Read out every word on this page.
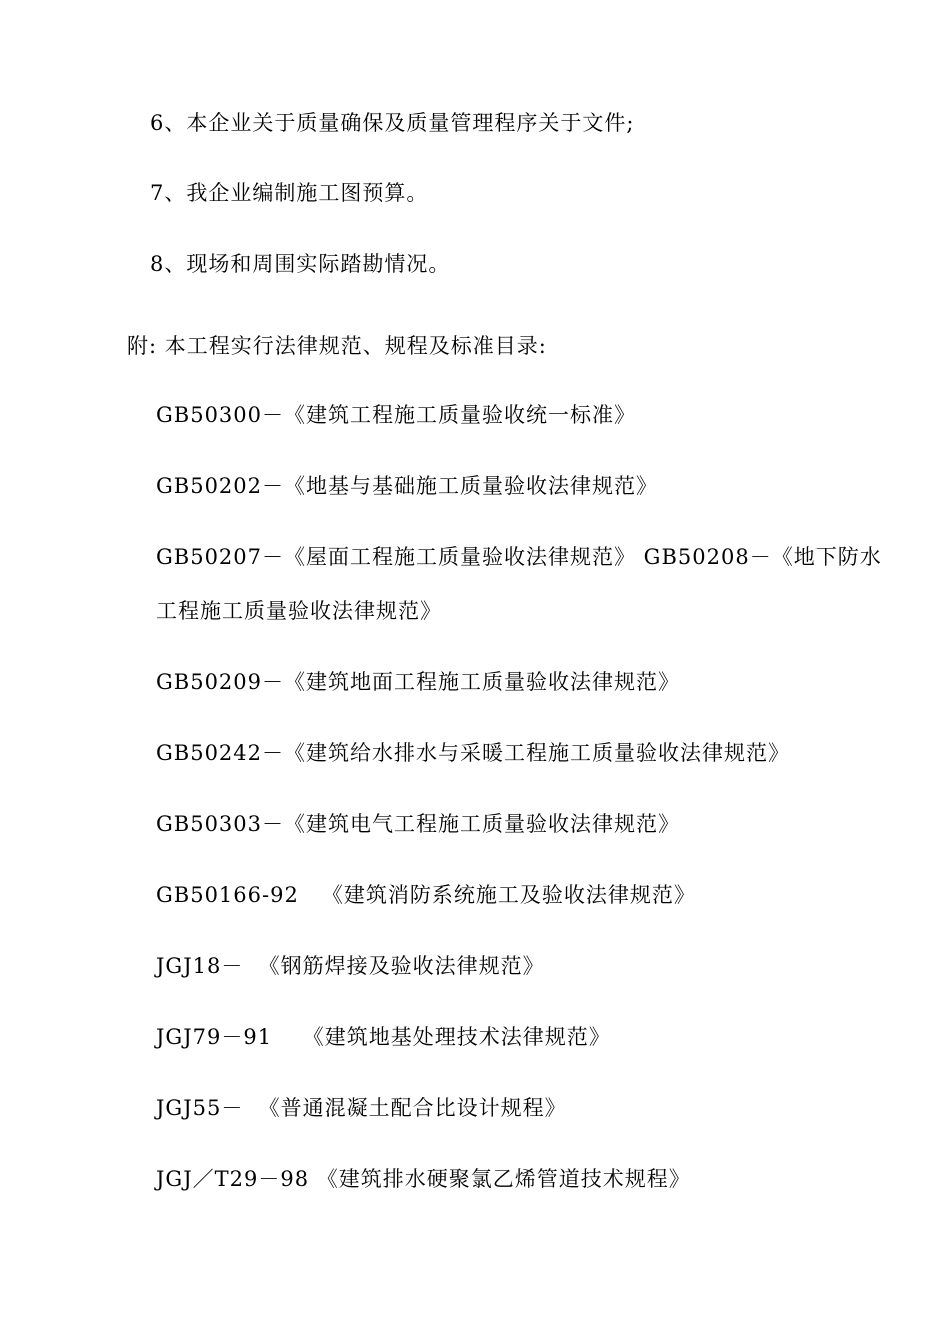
6、本企业关于质量确保及质量管理程序关于文件;
7、我企业编制施工图预算。
8、现场和周围实际踏勘情况。
附: 本工程实行法律规范、规程及标准目录:
GB50300－《建筑工程施工质量验收统一标准》
GB50202－《地基与基础施工质量验收法律规范》
GB50207－《屋面工程施工质量验收法律规范》 GB50208－《地下防水
工程施工质量验收法律规范》
GB50209－《建筑地面工程施工质量验收法律规范》
GB50242－《建筑给水排水与采暖工程施工质量验收法律规范》
GB50303－《建筑电气工程施工质量验收法律规范》
GB50166-92   《建筑消防系统施工及验收法律规范》
JGJ18－  《钢筋焊接及验收法律规范》
JGJ79－91    《建筑地基处理技术法律规范》
JGJ55－  《普通混凝土配合比设计规程》
JGJ／T29－98 《建筑排水硬聚氯乙烯管道技术规程》
